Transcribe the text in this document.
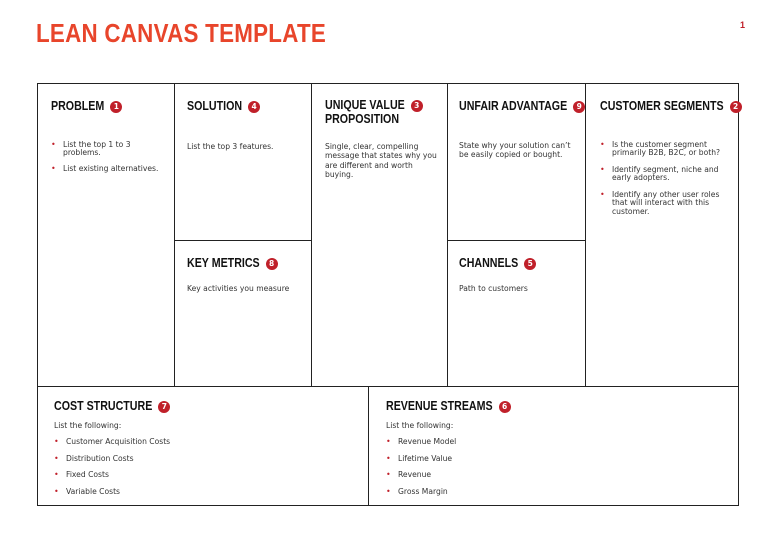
LEAN CANVAS TEMPLATE	1
PROBLEM	1
• List the top 1 to 3 problems.
• List existing alternatives.
SOLUTION	4
List the top 3 features.
UNIQUE VALUE	3
PROPOSITION
Single, clear, compelling message that states why you are different and worth buying.
UNFAIR ADVANTAGE	9
State why your solution can’t be easily copied or bought.
CUSTOMER SEGMENTS	2
• Is the customer segment primarily B2B, B2C, or both?
• Identify segment, niche and early adopters.
• Identify any other user roles that will interact with this customer.
KEY METRICS	8
Key activities you measure
CHANNELS	5
Path to customers
COST STRUCTURE	7
List the following:
• Customer Acquisition Costs
• Distribution Costs
• Fixed Costs
• Variable Costs
REVENUE STREAMS	6
List the following:
• Revenue Model
• Lifetime Value
• Revenue
• Gross Margin
